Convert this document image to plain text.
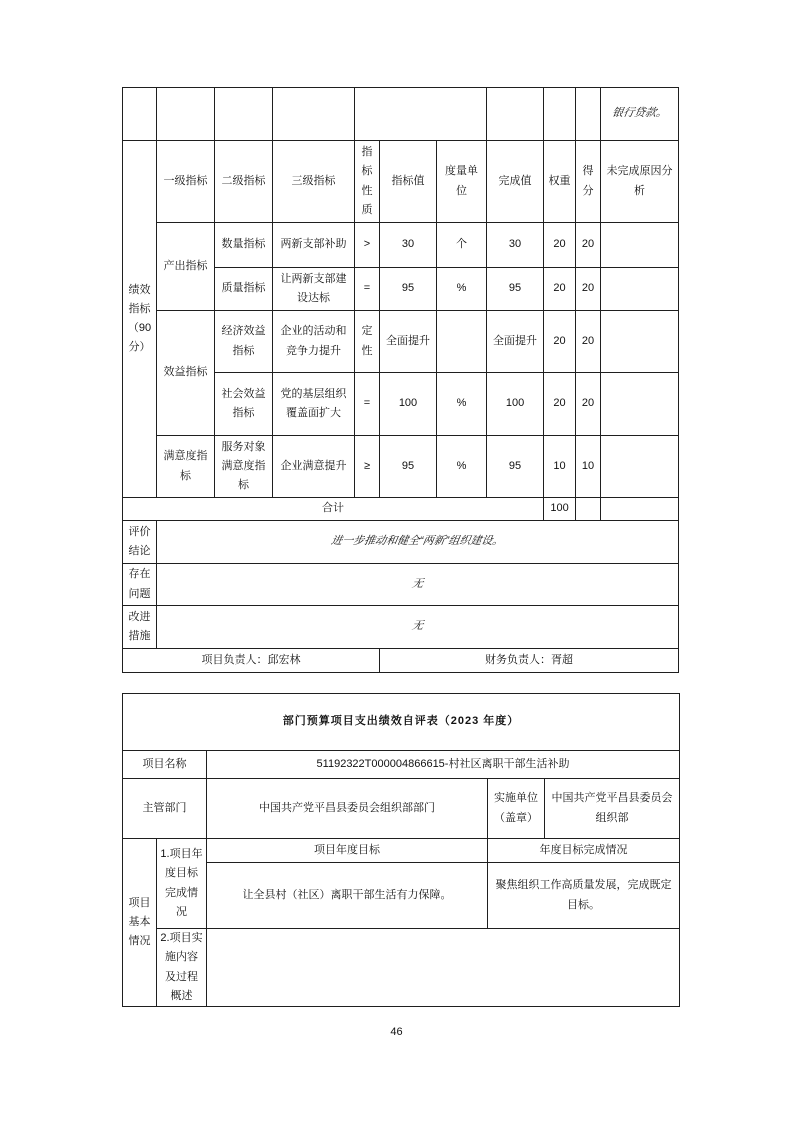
										银行贷款。
绩效指标（90分）	一级指标	二级指标	三级指标	指标性质	指标值	度量单位	完成值	权重	得分	未完成原因分析
	产出指标	数量指标	两新支部补助	>	30	个	30	20	20	
		质量指标	让两新支部建设达标	=	95	%	95	20	20	
	效益指标	经济效益指标	企业的活动和竞争力提升	定性	全面提升		全面提升	20	20	
		社会效益指标	党的基层组织覆盖面扩大	=	100	%	100	20	20	
	满意度指标	服务对象满意度指标	企业满意提升	≥	95	%	95	10	10	
合计								100		
评价结论	进一步推动和健全“两新”组织建设。									
存在问题	无									
改进措施	无									
项目负责人：邱宏林					财务负责人：胥超					
部门预算项目支出绩效自评表（2023 年度）				
项目名称		51192322T000004866615-村社区离职干部生活补助		
主管部门		中国共产党平昌县委员会组织部部门	实施单位（盖章）	中国共产党平昌县委员会组织部
项目基本情况	1.项目年度目标完成情况	项目年度目标	年度目标完成情况	
		让全县村（社区）离职干部生活有力保障。	聚焦组织工作高质量发展，完成既定目标。	
	2.项目实施内容及过程概述			
46
